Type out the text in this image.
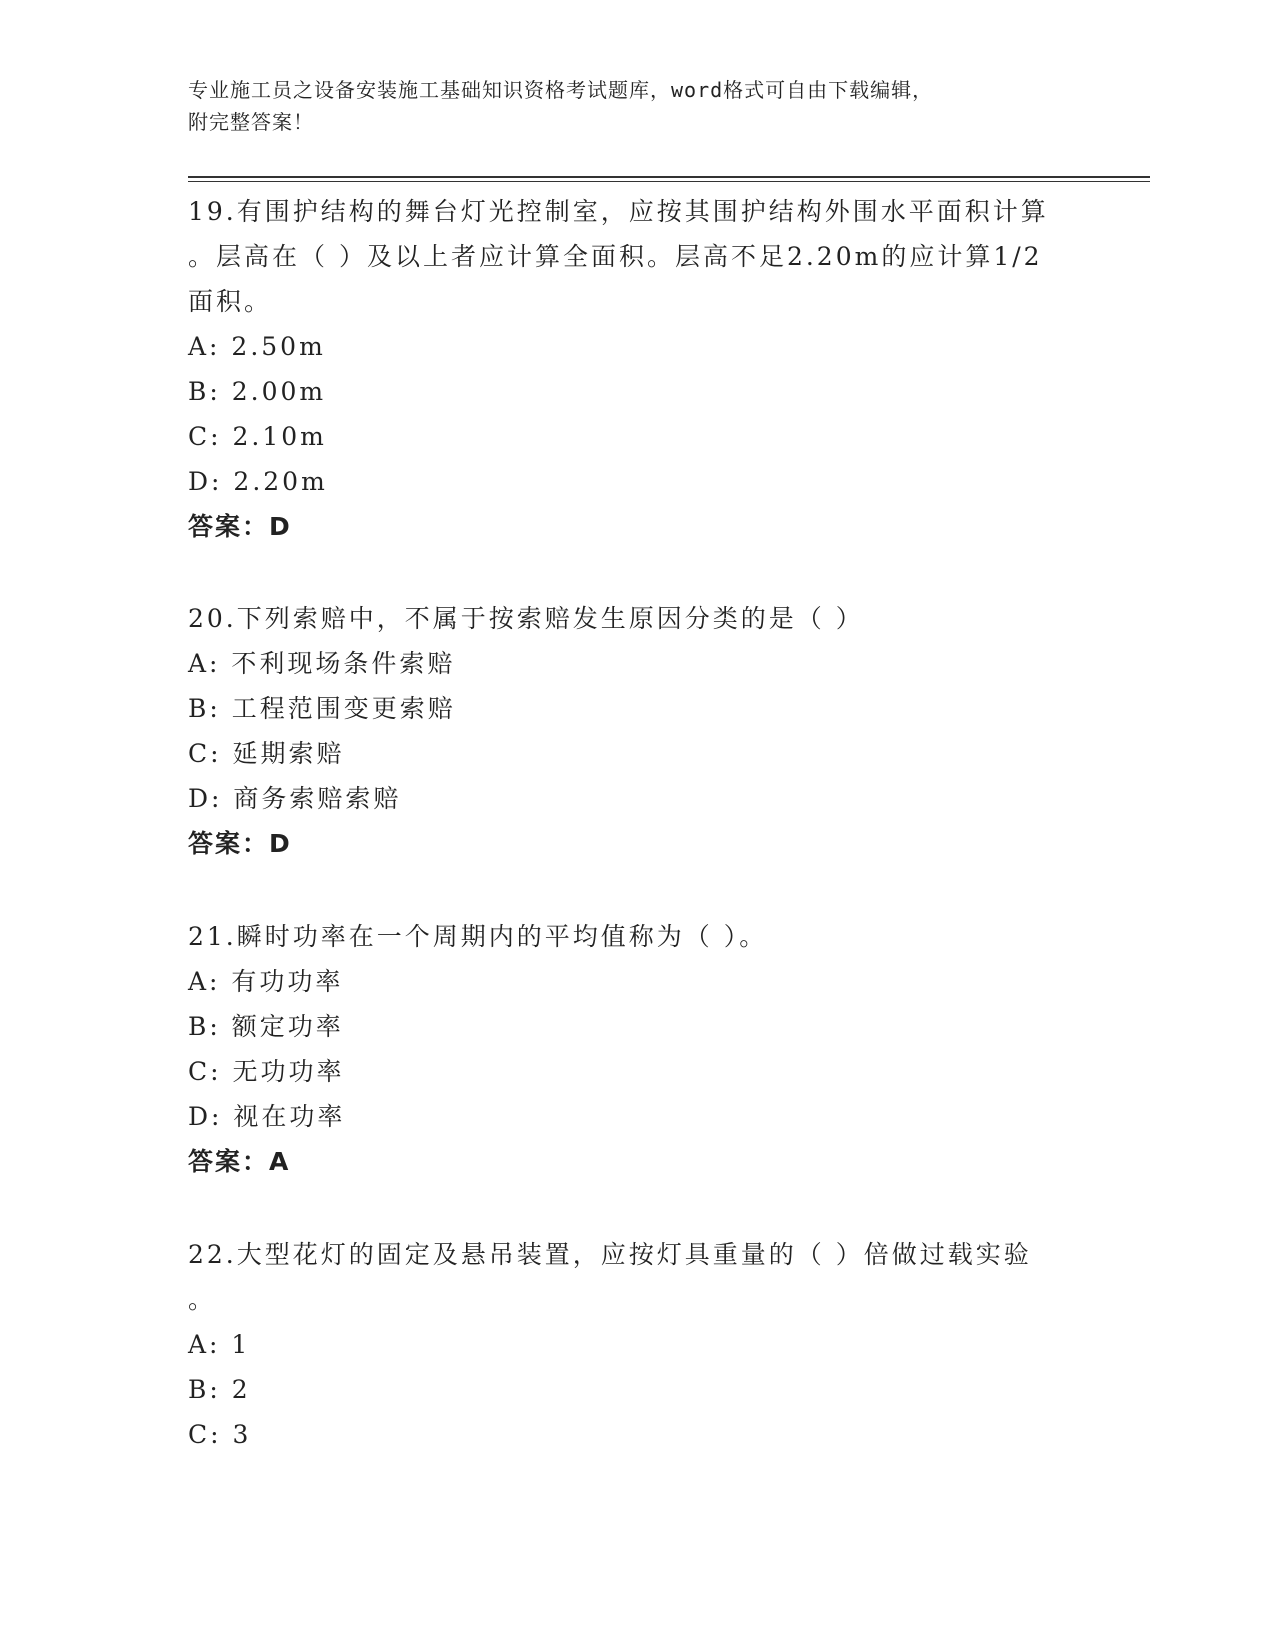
专业施工员之设备安装施工基础知识资格考试题库，word格式可自由下载编辑，
附完整答案！

19.有围护结构的舞台灯光控制室，应按其围护结构外围水平面积计算

。层高在（ ）及以上者应计算全面积。层高不足2.20m的应计算1/2

面积。

A: 2.50m

B: 2.00m

C: 2.10m

D: 2.20m

答案：D

20.下列索赔中，不属于按索赔发生原因分类的是（ ）

A: 不利现场条件索赔

B: 工程范围变更索赔

C: 延期索赔

D: 商务索赔索赔

答案：D

21.瞬时功率在一个周期内的平均值称为（ ）。

A: 有功功率

B: 额定功率

C: 无功功率

D: 视在功率

答案：A

22.大型花灯的固定及悬吊装置，应按灯具重量的（ ）倍做过载实验

。

A: 1

B: 2

C: 3
